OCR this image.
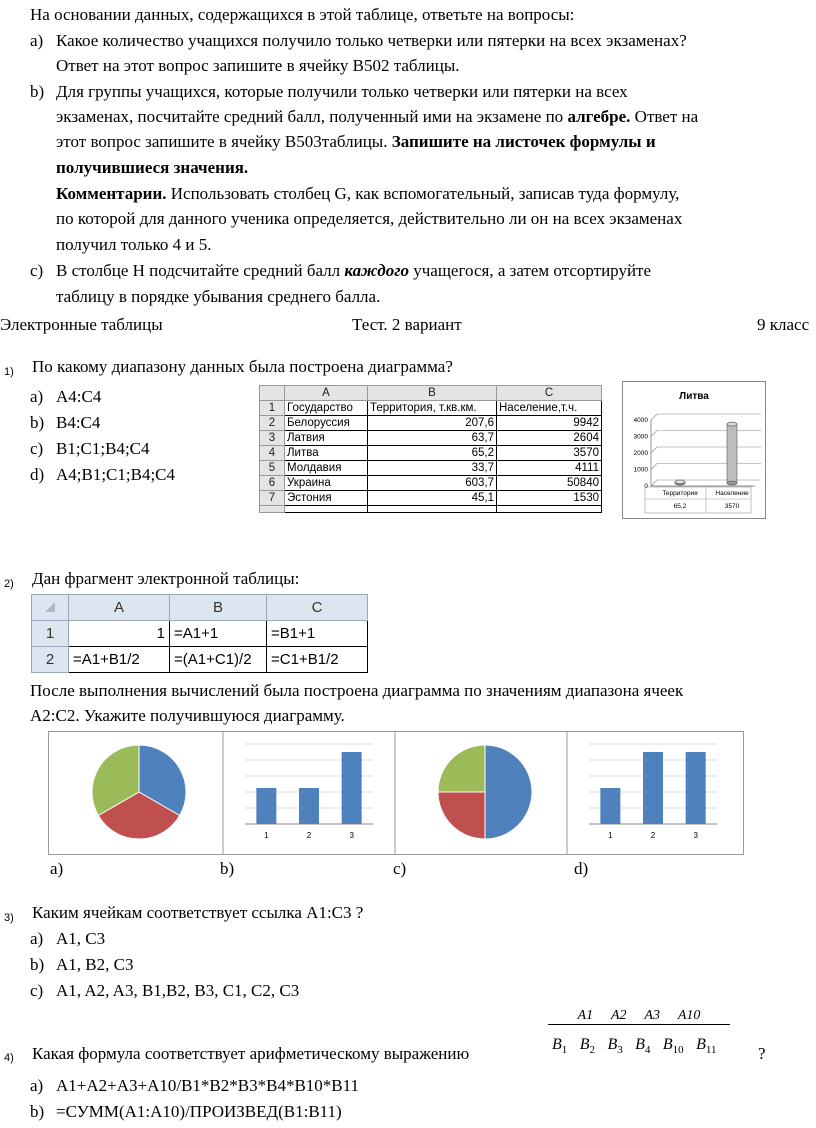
На основании данных, содержащихся в этой таблице, ответьте на вопросы:
a) Какое количество учащихся получило только четверки или пятерки на всех экзаменах?
Ответ на этот вопрос запишите в ячейку B502 таблицы.
b) Для группы учащихся, которые получили только четверки или пятерки на всех
экзаменах, посчитайте средний балл, полученный ими на экзамене по алгебре. Ответ на
этот вопрос запишите в ячейку B503таблицы. Запишите на листочек формулы и
получившиеся значения.
Комментарии. Использовать столбец G, как вспомогательный, записав туда формулу,
по которой для данного ученика определяется, действительно ли он на всех экзаменах
получил только 4 и 5.
c) В столбце H подсчитайте средний балл каждого учащегося, а затем отсортируйте
таблицу в порядке убывания среднего балла.
Электронные таблицы	Тест. 2 вариант	9 класс
1) По какому диапазону данных была построена диаграмма?
a) A4:C4
b) B4:C4
c) B1;C1;B4;C4
d) A4;B1;C1;B4;C4
	A	B	C
1	Государство	Территория, т.кв.км.	Население,т.ч.
2	Белоруссия	207,6	9942
3	Латвия	63,7	2604
4	Литва	65,2	3570
5	Молдавия	33,7	4111
6	Украина	603,7	50840
7	Эстония	45,1	1530

Литва
0
1000
2000
3000
4000
Территория
65,2
Население
3570
2) Дан фрагмент электронной таблицы:
	A	B	C
1	1	=A1+1	=B1+1
2	=A1+B1/2	=(A1+C1)/2	=C1+B1/2
После выполнения вычислений была построена диаграмма по значениям диапазона ячеек
A2:C2. Укажите получившуюся диаграмму.
1	2	3	1	2	3
a)	b)	c)	d)
3) Каким ячейкам соответствует ссылка A1:C3 ?
a) A1, C3
b) A1, B2, C3
c) A1, A2, A3, B1,B2, B3, C1, C2, C3
A1 A2 A3 A10
4) Какая формула соответствует арифметическому выражению	$B_1$ $B_2$ $B_3$ $B_4$ $B_{10}$ $B_{11}$	?
a) A1+A2+A3+A10/B1*B2*B3*B4*B10*B11
b) =СУММ(A1:A10)/ПРОИЗВЕД(B1:B11)
